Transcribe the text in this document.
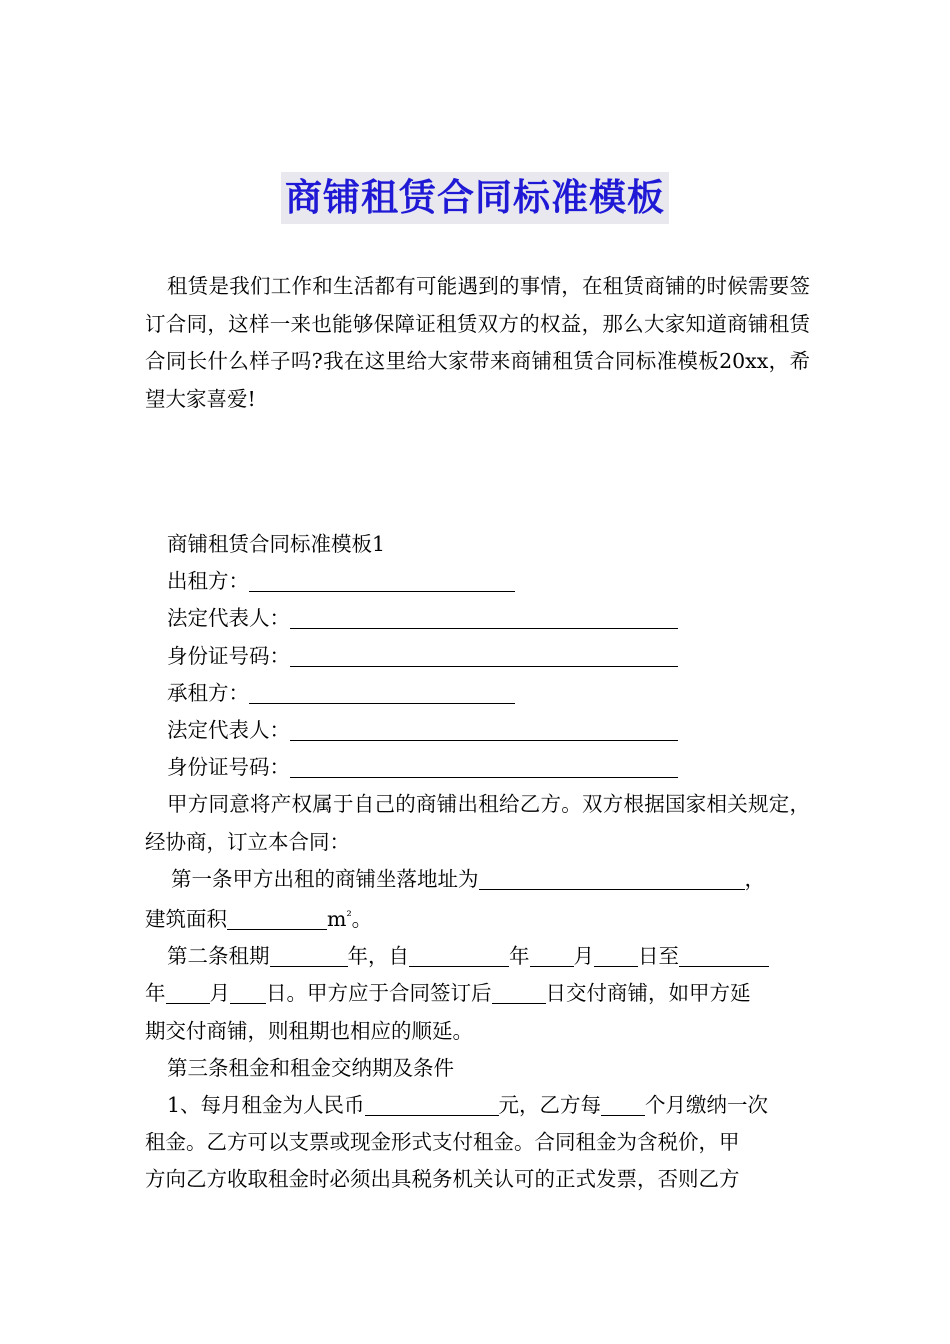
商铺租赁合同标准模板

租赁是我们工作和生活都有可能遇到的事情，在租赁商铺的时候需要签订合同，这样一来也能够保障证租赁双方的权益，那么大家知道商铺租赁合同长什么样子吗?我在这里给大家带来商铺租赁合同标准模板20xx，希望大家喜爱!

商铺租赁合同标准模板1
出租方：
法定代表人：
身份证号码：
承租方：
法定代表人：
身份证号码：

甲方同意将产权属于自己的商铺出租给乙方。双方根据国家相关规定，经协商，订立本合同：

第一条甲方出租的商铺坐落地址为	，
建筑面积	$m^{^2}$。
第二条租期	年，自	年 月 日至
年 月 日。甲方应于合同签订后	日交付商铺，如甲方延
期交付商铺，则租期也相应的顺延。
第三条租金和租金交纳期及条件
1、每月租金为人民币	元，乙方每 个月缴纳一次
租金。乙方可以支票或现金形式支付租金。合同租金为含税价，甲
方向乙方收取租金时必须出具税务机关认可的正式发票，否则乙方
